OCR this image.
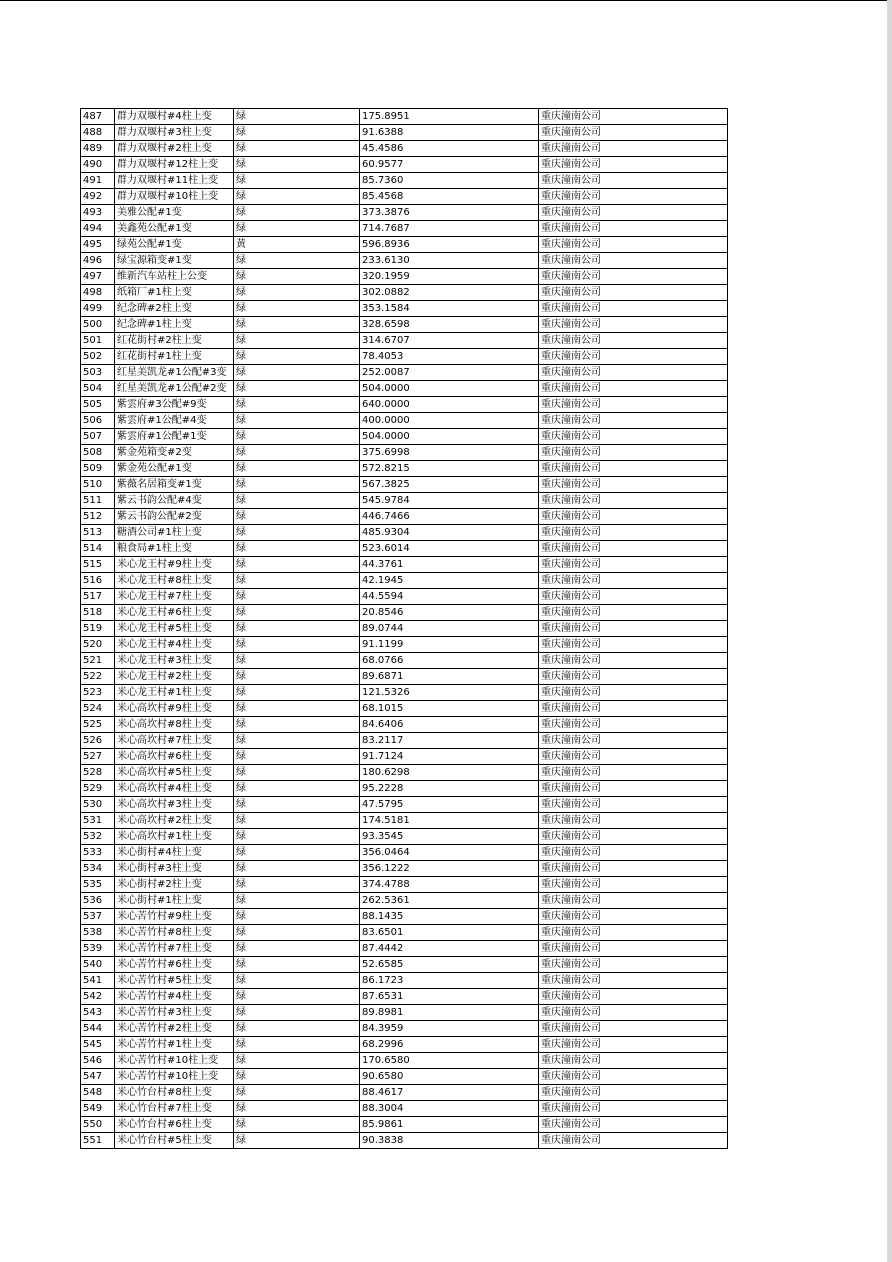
487	群力双堰村#4柱上变	绿	175.8951	重庆潼南公司
488	群力双堰村#3柱上变	绿	91.6388	重庆潼南公司
489	群力双堰村#2柱上变	绿	45.4586	重庆潼南公司
490	群力双堰村#12柱上变	绿	60.9577	重庆潼南公司
491	群力双堰村#11柱上变	绿	85.7360	重庆潼南公司
492	群力双堰村#10柱上变	绿	85.4568	重庆潼南公司
493	美雅公配#1变	绿	373.3876	重庆潼南公司
494	美鑫苑公配#1变	绿	714.7687	重庆潼南公司
495	绿苑公配#1变	黄	596.8936	重庆潼南公司
496	绿宝源箱变#1变	绿	233.6130	重庆潼南公司
497	维新汽车站柱上公变	绿	320.1959	重庆潼南公司
498	纸箱厂#1柱上变	绿	302.0882	重庆潼南公司
499	纪念碑#2柱上变	绿	353.1584	重庆潼南公司
500	纪念碑#1柱上变	绿	328.6598	重庆潼南公司
501	红花街村#2柱上变	绿	314.6707	重庆潼南公司
502	红花街村#1柱上变	绿	78.4053	重庆潼南公司
503	红星美凯龙#1公配#3变	绿	252.0087	重庆潼南公司
504	红星美凯龙#1公配#2变	绿	504.0000	重庆潼南公司
505	紫雲府#3公配#9变	绿	640.0000	重庆潼南公司
506	紫雲府#1公配#4变	绿	400.0000	重庆潼南公司
507	紫雲府#1公配#1变	绿	504.0000	重庆潼南公司
508	紫金苑箱变#2变	绿	375.6998	重庆潼南公司
509	紫金苑公配#1变	绿	572.8215	重庆潼南公司
510	紫薇名居箱变#1变	绿	567.3825	重庆潼南公司
511	紫云书韵公配#4变	绿	545.9784	重庆潼南公司
512	紫云书韵公配#2变	绿	446.7466	重庆潼南公司
513	糖酒公司#1柱上变	绿	485.9304	重庆潼南公司
514	粮食局#1柱上变	绿	523.6014	重庆潼南公司
515	米心龙王村#9柱上变	绿	44.3761	重庆潼南公司
516	米心龙王村#8柱上变	绿	42.1945	重庆潼南公司
517	米心龙王村#7柱上变	绿	44.5594	重庆潼南公司
518	米心龙王村#6柱上变	绿	20.8546	重庆潼南公司
519	米心龙王村#5柱上变	绿	89.0744	重庆潼南公司
520	米心龙王村#4柱上变	绿	91.1199	重庆潼南公司
521	米心龙王村#3柱上变	绿	68.0766	重庆潼南公司
522	米心龙王村#2柱上变	绿	89.6871	重庆潼南公司
523	米心龙王村#1柱上变	绿	121.5326	重庆潼南公司
524	米心高坎村#9柱上变	绿	68.1015	重庆潼南公司
525	米心高坎村#8柱上变	绿	84.6406	重庆潼南公司
526	米心高坎村#7柱上变	绿	83.2117	重庆潼南公司
527	米心高坎村#6柱上变	绿	91.7124	重庆潼南公司
528	米心高坎村#5柱上变	绿	180.6298	重庆潼南公司
529	米心高坎村#4柱上变	绿	95.2228	重庆潼南公司
530	米心高坎村#3柱上变	绿	47.5795	重庆潼南公司
531	米心高坎村#2柱上变	绿	174.5181	重庆潼南公司
532	米心高坎村#1柱上变	绿	93.3545	重庆潼南公司
533	米心街村#4柱上变	绿	356.0464	重庆潼南公司
534	米心街村#3柱上变	绿	356.1222	重庆潼南公司
535	米心街村#2柱上变	绿	374.4788	重庆潼南公司
536	米心街村#1柱上变	绿	262.5361	重庆潼南公司
537	米心苦竹村#9柱上变	绿	88.1435	重庆潼南公司
538	米心苦竹村#8柱上变	绿	83.6501	重庆潼南公司
539	米心苦竹村#7柱上变	绿	87.4442	重庆潼南公司
540	米心苦竹村#6柱上变	绿	52.6585	重庆潼南公司
541	米心苦竹村#5柱上变	绿	86.1723	重庆潼南公司
542	米心苦竹村#4柱上变	绿	87.6531	重庆潼南公司
543	米心苦竹村#3柱上变	绿	89.8981	重庆潼南公司
544	米心苦竹村#2柱上变	绿	84.3959	重庆潼南公司
545	米心苦竹村#1柱上变	绿	68.2996	重庆潼南公司
546	米心苦竹村#10柱上变	绿	170.6580	重庆潼南公司
547	米心苦竹村#10柱上变	绿	90.6580	重庆潼南公司
548	米心竹台村#8柱上变	绿	88.4617	重庆潼南公司
549	米心竹台村#7柱上变	绿	88.3004	重庆潼南公司
550	米心竹台村#6柱上变	绿	85.9861	重庆潼南公司
551	米心竹台村#5柱上变	绿	90.3838	重庆潼南公司
